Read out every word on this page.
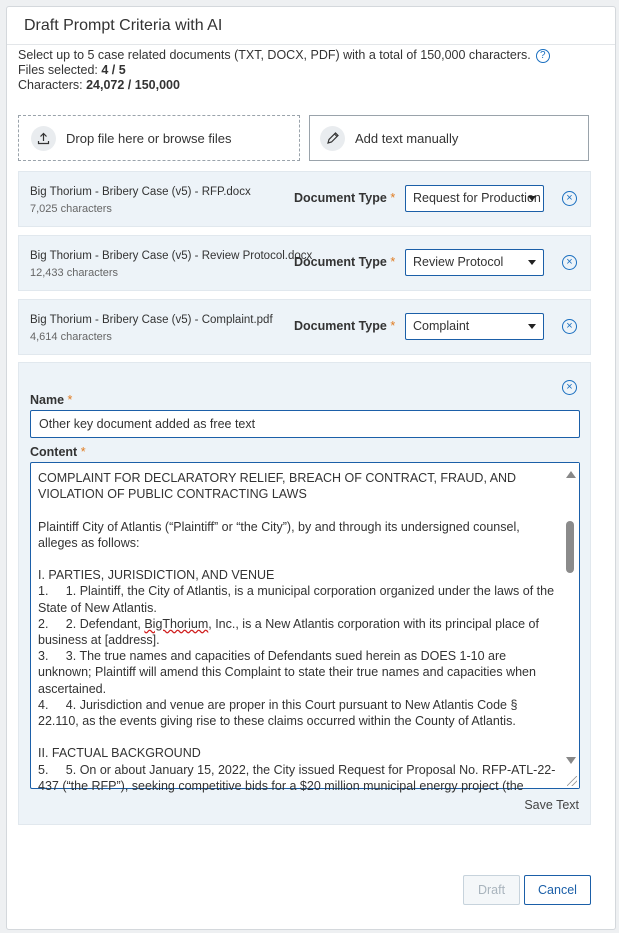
Draft Prompt Criteria with AI
Select up to 5 case related documents (TXT, DOCX, PDF) with a total of 150,000 characters. ?
Files selected: 4 / 5
Characters: 24,072 / 150,000
Drop file here or browse files	Add text manually
Big Thorium - Bribery Case (v5) - RFP.docx
7,025 characters
Document Type *	Request for Production	×
Big Thorium - Bribery Case (v5) - Review Protocol.docx
12,433 characters
Document Type *	Review Protocol	×
Big Thorium - Bribery Case (v5) - Complaint.pdf
4,614 characters
Document Type *	Complaint	×
×
Name *
Other key document added as free text
Content *
COMPLAINT FOR DECLARATORY RELIEF, BREACH OF CONTRACT, FRAUD, AND VIOLATION OF PUBLIC CONTRACTING LAWS

Plaintiff City of Atlantis (“Plaintiff” or “the City”), by and through its undersigned counsel, alleges as follows:

I. PARTIES, JURISDICTION, AND VENUE
1.	1. Plaintiff, the City of Atlantis, is a municipal corporation organized under the laws of the State of New Atlantis.
2.	2. Defendant, BigThorium, Inc., is a New Atlantis corporation with its principal place of business at [address].
3.	3. The true names and capacities of Defendants sued herein as DOES 1-10 are unknown; Plaintiff will amend this Complaint to state their true names and capacities when ascertained.
4.	4. Jurisdiction and venue are proper in this Court pursuant to New Atlantis Code § 22.110, as the events giving rise to these claims occurred within the County of Atlantis.

II. FACTUAL BACKGROUND
5.	5. On or about January 15, 2022, the City issued Request for Proposal No. RFP-ATL-22-437 (“the RFP”), seeking competitive bids for a $20 million municipal energy project (the
Save Text
Draft	Cancel
